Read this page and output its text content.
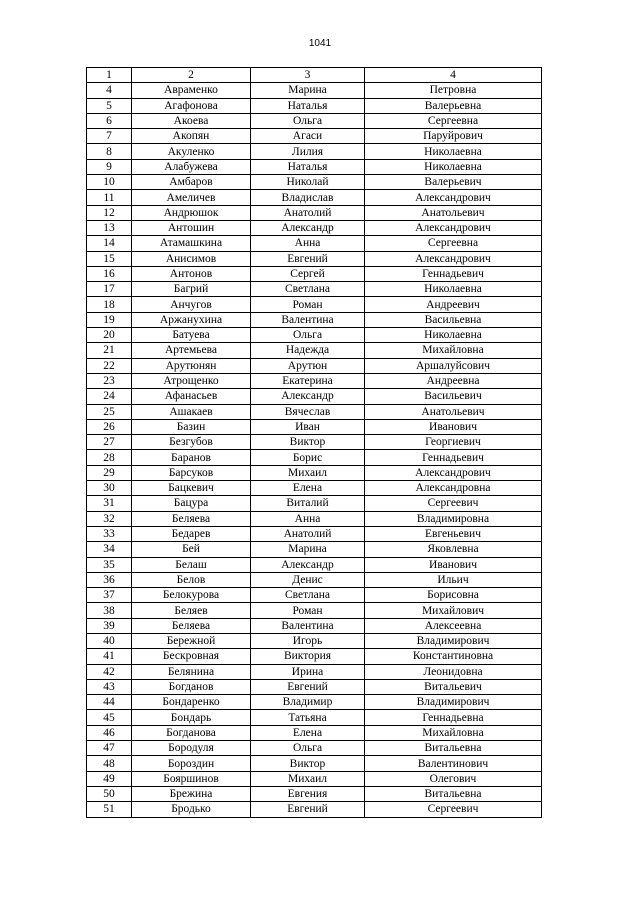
1041
1	2	3	4
4	Авраменко	Марина	Петровна
5	Агафонова	Наталья	Валерьевна
6	Акоева	Ольга	Сергеевна
7	Акопян	Агаси	Паруйрович
8	Акуленко	Лилия	Николаевна
9	Алабужева	Наталья	Николаевна
10	Амбаров	Николай	Валерьевич
11	Амеличев	Владислав	Александрович
12	Андрюшок	Анатолий	Анатольевич
13	Антошин	Александр	Александрович
14	Атамашкина	Анна	Сергеевна
15	Анисимов	Евгений	Александрович
16	Антонов	Сергей	Геннадьевич
17	Багрий	Светлана	Николаевна
18	Анчугов	Роман	Андреевич
19	Аржанухина	Валентина	Васильевна
20	Батуева	Ольга	Николаевна
21	Артемьева	Надежда	Михайловна
22	Арутюнян	Арутюн	Аршалуйсович
23	Атрощенко	Екатерина	Андреевна
24	Афанасьев	Александр	Васильевич
25	Ашакаев	Вячеслав	Анатольевич
26	Базин	Иван	Иванович
27	Безгубов	Виктор	Георгиевич
28	Баранов	Борис	Геннадьевич
29	Барсуков	Михаил	Александрович
30	Бацкевич	Елена	Александровна
31	Бацура	Виталий	Сергеевич
32	Беляева	Анна	Владимировна
33	Бедарев	Анатолий	Евгеньевич
34	Бей	Марина	Яковлевна
35	Белаш	Александр	Иванович
36	Белов	Денис	Ильич
37	Белокурова	Светлана	Борисовна
38	Беляев	Роман	Михайлович
39	Беляева	Валентина	Алексеевна
40	Бережной	Игорь	Владимирович
41	Бескровная	Виктория	Константиновна
42	Белянина	Ирина	Леонидовна
43	Богданов	Евгений	Витальевич
44	Бондаренко	Владимир	Владимирович
45	Бондарь	Татьяна	Геннадьевна
46	Богданова	Елена	Михайловна
47	Бородуля	Ольга	Витальевна
48	Бороздин	Виктор	Валентинович
49	Бояршинов	Михаил	Олегович
50	Брежина	Евгения	Витальевна
51	Бродько	Евгений	Сергеевич
